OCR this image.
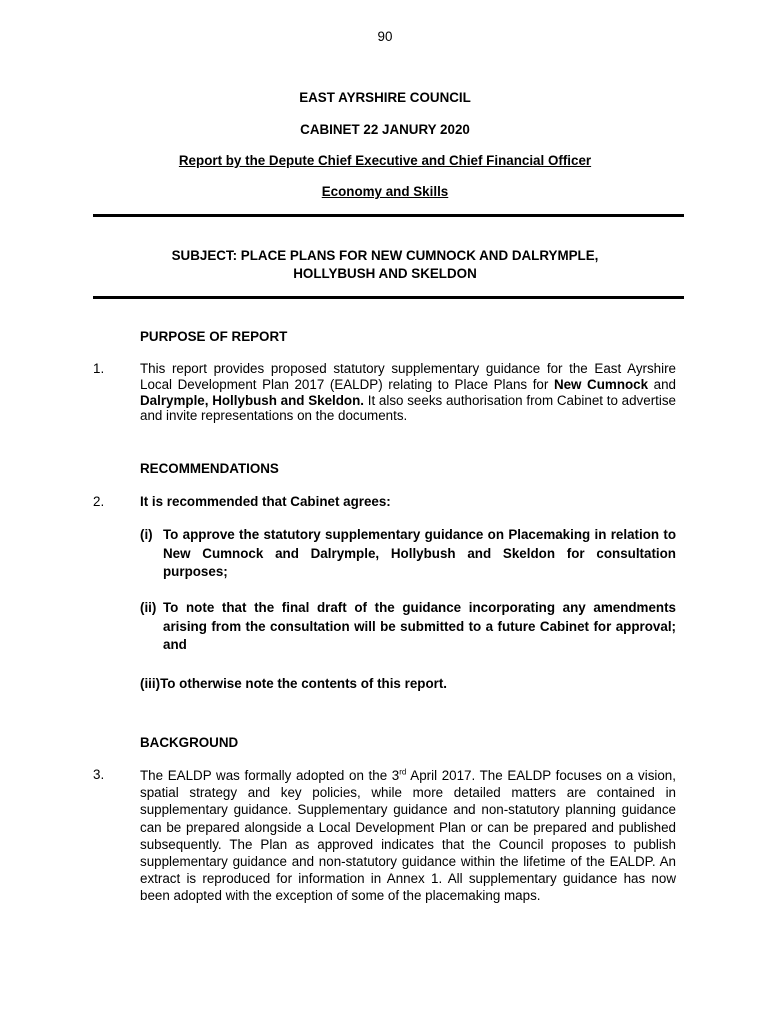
90
EAST AYRSHIRE COUNCIL
CABINET 22 JANURY 2020
Report by the Depute Chief Executive and Chief Financial Officer
Economy and Skills
SUBJECT: PLACE PLANS FOR NEW CUMNOCK AND DALRYMPLE,
HOLLYBUSH AND SKELDON
PURPOSE OF REPORT
1.	This report provides proposed statutory supplementary guidance for the East Ayrshire Local Development Plan 2017 (EALDP) relating to Place Plans for New Cumnock and Dalrymple, Hollybush and Skeldon. It also seeks authorisation from Cabinet to advertise and invite representations on the documents.
RECOMMENDATIONS
2.	It is recommended that Cabinet agrees:
(i) To approve the statutory supplementary guidance on Placemaking in relation to New Cumnock and Dalrymple, Hollybush and Skeldon for consultation purposes;
(ii) To note that the final draft of the guidance incorporating any amendments arising from the consultation will be submitted to a future Cabinet for approval; and
(iii)To otherwise note the contents of this report.
BACKGROUND
3.	The EALDP was formally adopted on the 3rd April 2017. The EALDP focuses on a vision, spatial strategy and key policies, while more detailed matters are contained in supplementary guidance. Supplementary guidance and non-statutory planning guidance can be prepared alongside a Local Development Plan or can be prepared and published subsequently. The Plan as approved indicates that the Council proposes to publish supplementary guidance and non-statutory guidance within the lifetime of the EALDP. An extract is reproduced for information in Annex 1. All supplementary guidance has now been adopted with the exception of some of the placemaking maps.
